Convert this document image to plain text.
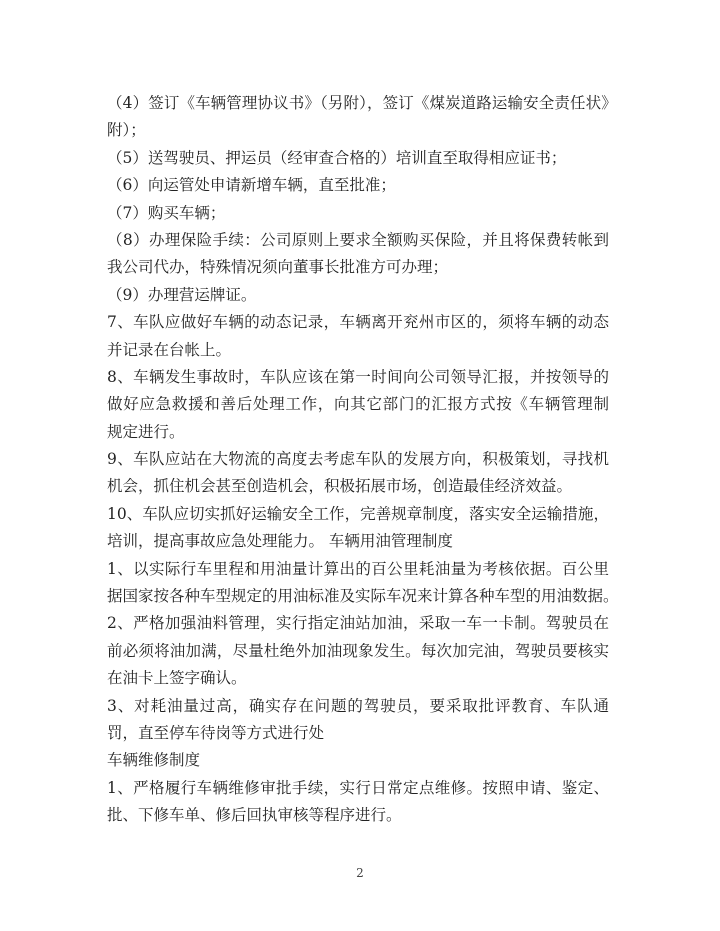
（4）签订《车辆管理协议书》（另附），签订《煤炭道路运输安全责任状》
附）；
（5）送驾驶员、押运员（经审查合格的）培训直至取得相应证书；
（6）向运管处申请新增车辆，直至批准；
（7）购买车辆；
（8）办理保险手续：公司原则上要求全额购买保险，并且将保费转帐到
我公司代办，特殊情况须向董事长批准方可办理；
（9）办理营运牌证。
7、车队应做好车辆的动态记录，车辆离开兖州市区的，须将车辆的动态
并记录在台帐上。
8、车辆发生事故时，车队应该在第一时间向公司领导汇报，并按领导的
做好应急救援和善后处理工作，向其它部门的汇报方式按《车辆管理制
规定进行。
9、车队应站在大物流的高度去考虑车队的发展方向，积极策划，寻找机
机会，抓住机会甚至创造机会，积极拓展市场，创造最佳经济效益。
10、车队应切实抓好运输安全工作，完善规章制度，落实安全运输措施，
培训，提高事故应急处理能力。 车辆用油管理制度
1、以实际行车里程和用油量计算出的百公里耗油量为考核依据。百公里
据国家按各种车型规定的用油标准及实际车况来计算各种车型的用油数据。
2、严格加强油料管理，实行指定油站加油，采取一车一卡制。驾驶员在
前必须将油加满，尽量杜绝外加油现象发生。每次加完油，驾驶员要核实
在油卡上签字确认。
3、对耗油量过高，确实存在问题的驾驶员，要采取批评教育、车队通
罚，直至停车待岗等方式进行处
车辆维修制度
1、严格履行车辆维修审批手续，实行日常定点维修。按照申请、鉴定、
批、下修车单、修后回执审核等程序进行。
2
